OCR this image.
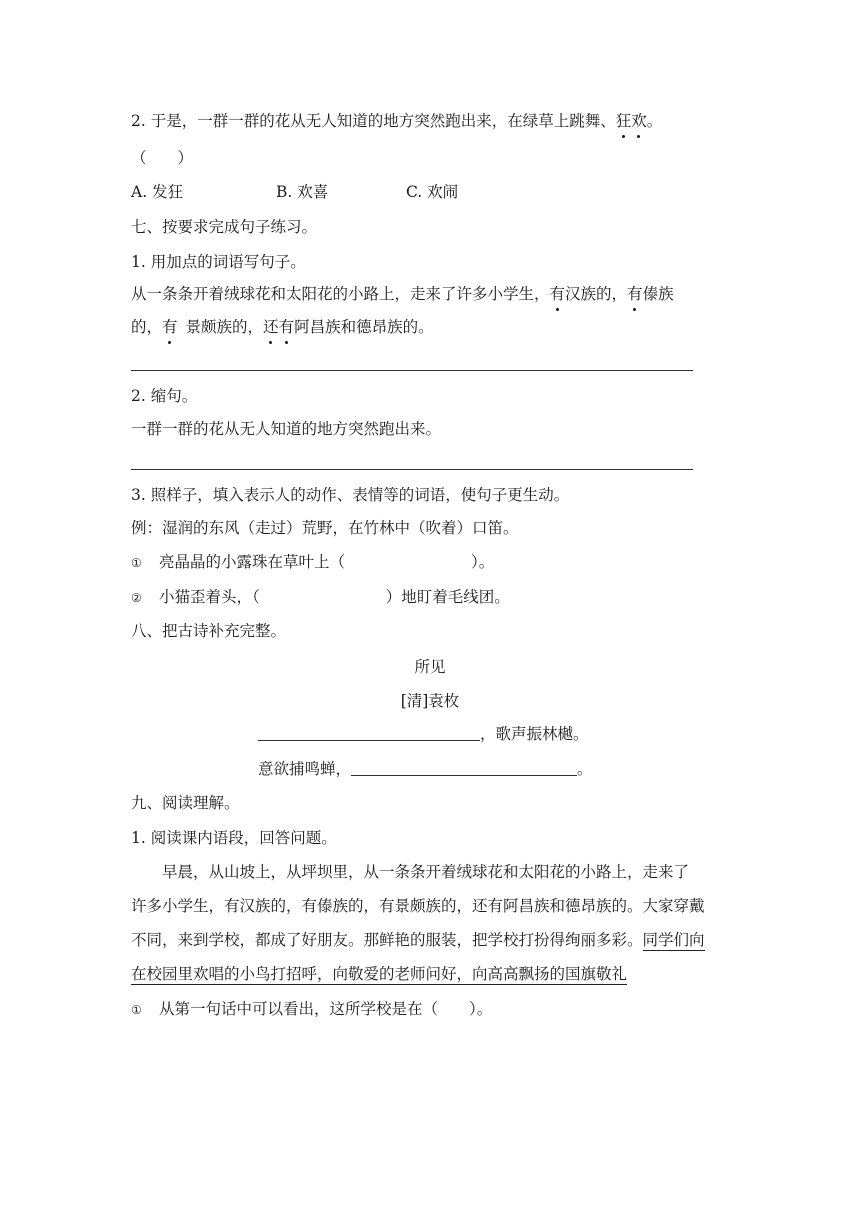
2. 于是，一群一群的花从无人知道的地方突然跑出来，在绿草上跳舞、狂欢。
（　　）
A. 发狂	B. 欢喜	C. 欢闹
七、按要求完成句子练习。
1. 用加点的词语写句子。
从一条条开着绒球花和太阳花的小路上，走来了许多小学生，有汉族的，有傣族
的，有 景颇族的，还有阿昌族和德昂族的。
2. 缩句。
一群一群的花从无人知道的地方突然跑出来。
3. 照样子，填入表示人的动作、表情等的词语，使句子更生动。
例：湿润的东风（走过）荒野，在竹林中（吹着）口笛。
① 亮晶晶的小露珠在草叶上（	）。
② 小猫歪着头，（	）地盯着毛线团。
八、把古诗补充完整。
所见
[清]袁枚
，歌声振林樾。
意欲捕鸣蝉，	。
九、阅读理解。
1. 阅读课内语段，回答问题。
早晨，从山坡上，从坪坝里，从一条条开着绒球花和太阳花的小路上，走来了
许多小学生，有汉族的，有傣族的，有景颇族的，还有阿昌族和德昂族的。大家穿戴
不同，来到学校，都成了好朋友。那鲜艳的服装，把学校打扮得绚丽多彩。同学们向
在校园里欢唱的小鸟打招呼，向敬爱的老师问好，向高高飘扬的国旗敬礼
① 从第一句话中可以看出，这所学校是在（　　）。
